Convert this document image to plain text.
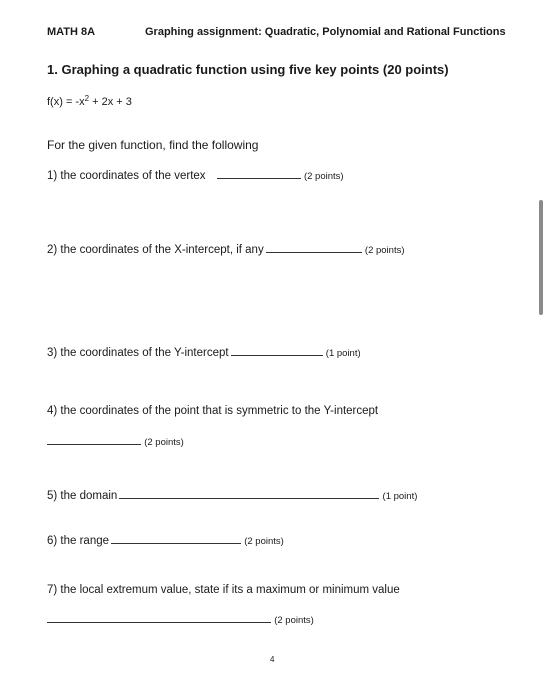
MATH 8A	Graphing assignment: Quadratic, Polynomial and Rational Functions
1. Graphing a quadratic function using five key points (20 points)
$f(x) = -x^2 + 2x + 3$
For the given function, find the following
1) the coordinates of the vertex	(2 points)
2) the coordinates of the X-intercept, if any	(2 points)
3) the coordinates of the Y-intercept	(1 point)
4) the coordinates of the point that is symmetric to the Y-intercept
(2 points)
5) the domain	(1 point)
6) the range	(2 points)
7) the local extremum value, state if its a maximum or minimum value
(2 points)
4
